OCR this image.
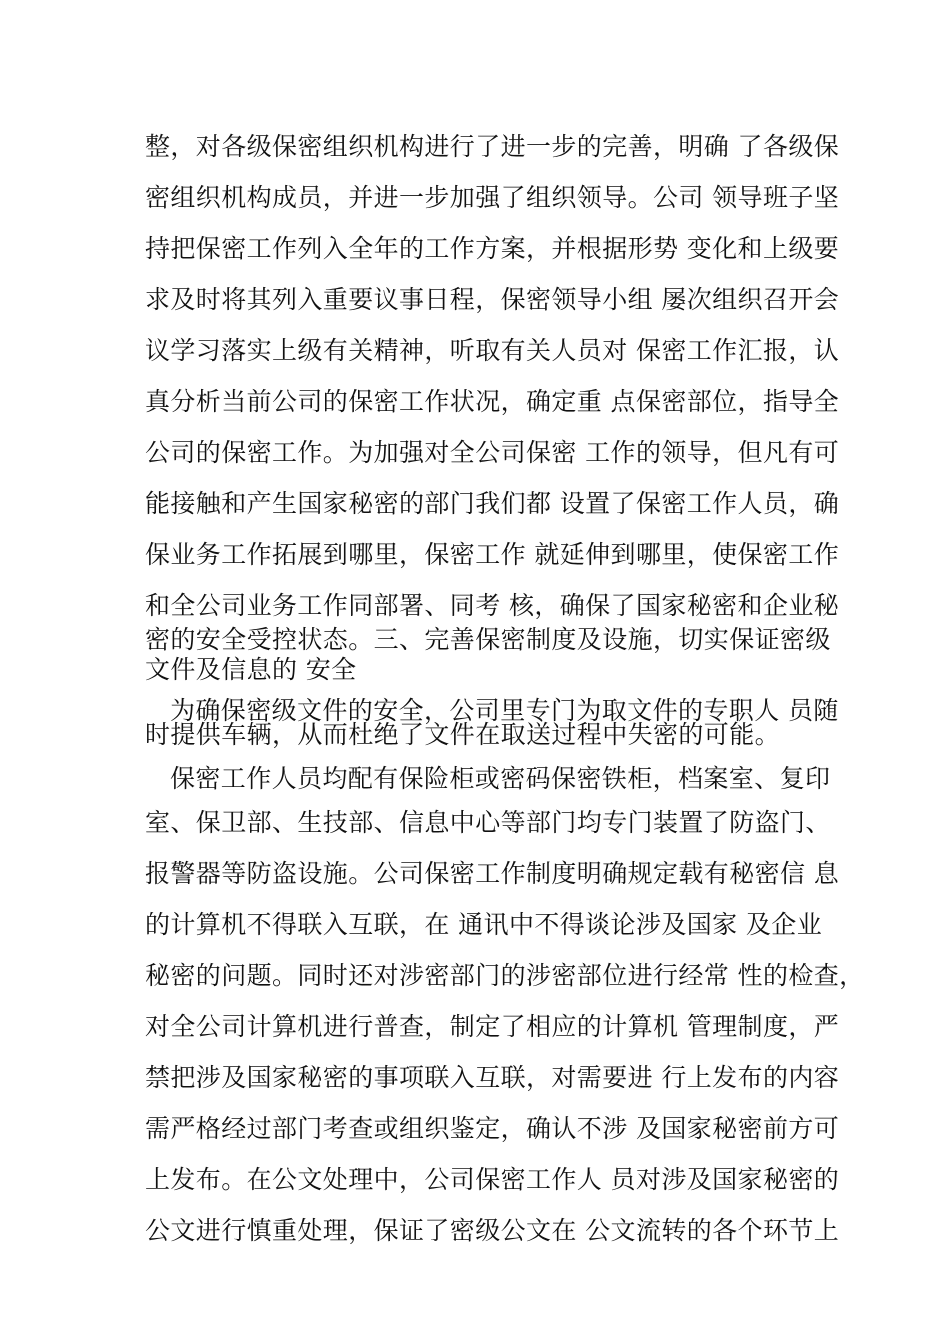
整，对各级保密组织机构进行了进一步的完善，明确 了各级保

密组织机构成员，并进一步加强了组织领导。公司 领导班子坚

持把保密工作列入全年的工作方案，并根据形势 变化和上级要

求及时将其列入重要议事日程，保密领导小组 屡次组织召开会

议学习落实上级有关精神，听取有关人员对 保密工作汇报，认

真分析当前公司的保密工作状况，确定重 点保密部位，指导全

公司的保密工作。为加强对全公司保密 工作的领导，但凡有可

能接触和产生国家秘密的部门我们都 设置了保密工作人员，确

保业务工作拓展到哪里，保密工作 就延伸到哪里，使保密工作

和全公司业务工作同部署、同考 核，确保了国家秘密和企业秘

密的安全受控状态。三、完善保密制度及设施，切实保证密级

文件及信息的 安全

为确保密级文件的安全，公司里专门为取文件的专职人 员随

时提供车辆，从而杜绝了文件在取送过程中失密的可能。

保密工作人员均配有保险柜或密码保密铁柜，档案室、复印

室、保卫部、生技部、信息中心等部门均专门装置了防盗门、

报警器等防盗设施。公司保密工作制度明确规定载有秘密信 息

的计算机不得联入互联，在 通讯中不得谈论涉及国家 及企业

秘密的问题。同时还对涉密部门的涉密部位进行经常 性的检查，

对全公司计算机进行普查，制定了相应的计算机 管理制度，严

禁把涉及国家秘密的事项联入互联，对需要进 行上发布的内容

需严格经过部门考查或组织鉴定，确认不涉 及国家秘密前方可

上发布。在公文处理中，公司保密工作人 员对涉及国家秘密的

公文进行慎重处理，保证了密级公文在 公文流转的各个环节上
